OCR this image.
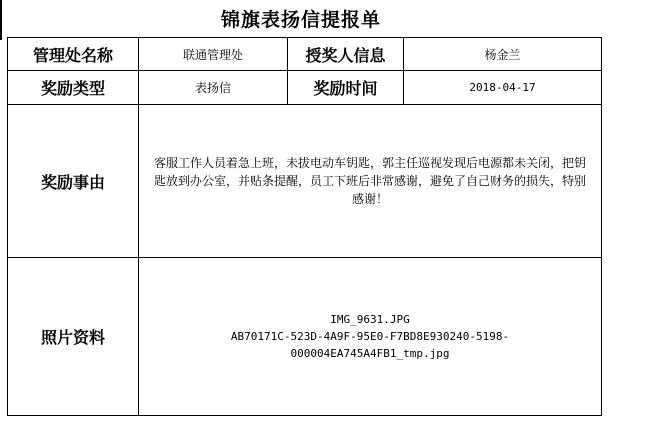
锦旗表扬信提报单
管理处名称	联通管理处	授奖人信息	杨金兰
奖励类型	表扬信	奖励时间	2018-04-17
奖励事由	客服工作人员着急上班，未拔电动车钥匙，郭主任巡视发现后电源都未关闭，把钥匙放到办公室，并贴条提醒，员工下班后非常感谢，避免了自己财务的损失，特别感谢！		
照片资料	IMG_9631.JPG
AB70171C-523D-4A9F-95E0-F7BD8E930240-5198-
000004EA745A4FB1_tmp.jpg		
